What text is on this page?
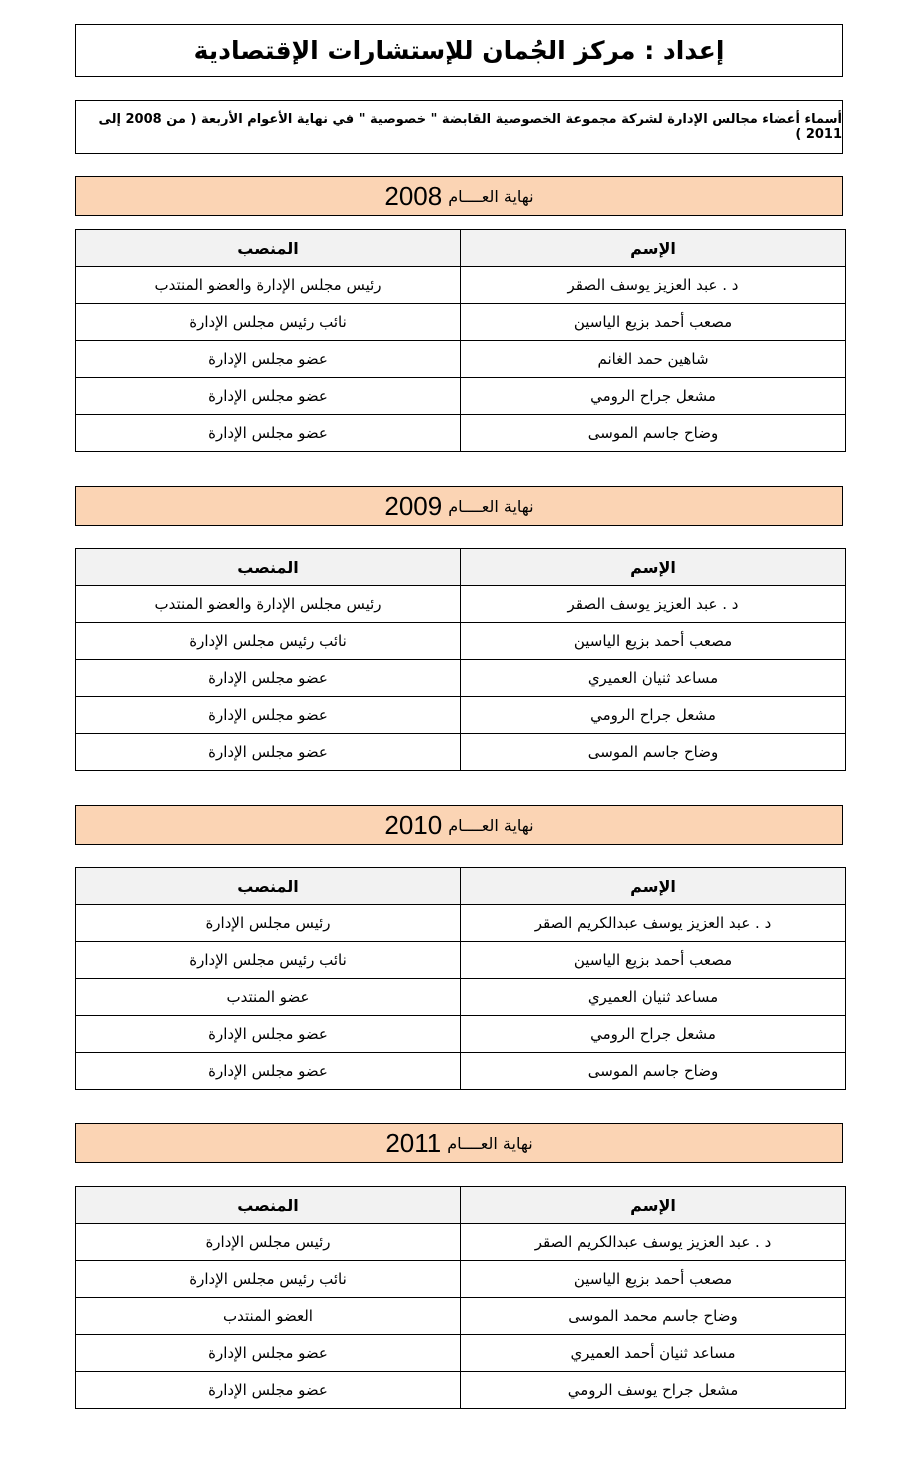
إعداد : مركز الجُمان للإستشارات الإقتصادية
أسماء أعضاء مجالس الإدارة لشركة مجموعة الخصوصية القابضة " خصوصية " في نهاية الأعوام الأربعة ( من 2008 إلى 2011 )
نهاية العــــام
2008
الإسم	المنصب
د . عبد العزيز يوسف الصقر	رئيس مجلس الإدارة والعضو المنتدب
مصعب أحمد بزيع الياسين	نائب رئيس مجلس الإدارة
شاهين حمد الغانم	عضو مجلس الإدارة
مشعل جراح الرومي	عضو مجلس الإدارة
وضاح جاسم الموسى	عضو مجلس الإدارة
نهاية العــــام
2009
الإسم	المنصب
د . عبد العزيز يوسف الصقر	رئيس مجلس الإدارة والعضو المنتدب
مصعب أحمد بزيع الياسين	نائب رئيس مجلس الإدارة
مساعد ثنيان العميري	عضو مجلس الإدارة
مشعل جراح الرومي	عضو مجلس الإدارة
وضاح جاسم الموسى	عضو مجلس الإدارة
نهاية العــــام
2010
الإسم	المنصب
د . عبد العزيز يوسف عبدالكريم الصقر	رئيس مجلس الإدارة
مصعب أحمد بزيع الياسين	نائب رئيس مجلس الإدارة
مساعد ثنيان العميري	عضو المنتدب
مشعل جراح الرومي	عضو مجلس الإدارة
وضاح جاسم الموسى	عضو مجلس الإدارة
نهاية العــــام
2011
الإسم	المنصب
د . عبد العزيز يوسف عبدالكريم الصقر	رئيس مجلس الإدارة
مصعب أحمد بزيع الياسين	نائب رئيس مجلس الإدارة
وضاح جاسم محمد الموسى	العضو المنتدب
مساعد ثنيان أحمد العميري	عضو مجلس الإدارة
مشعل جراح يوسف الرومي	عضو مجلس الإدارة
